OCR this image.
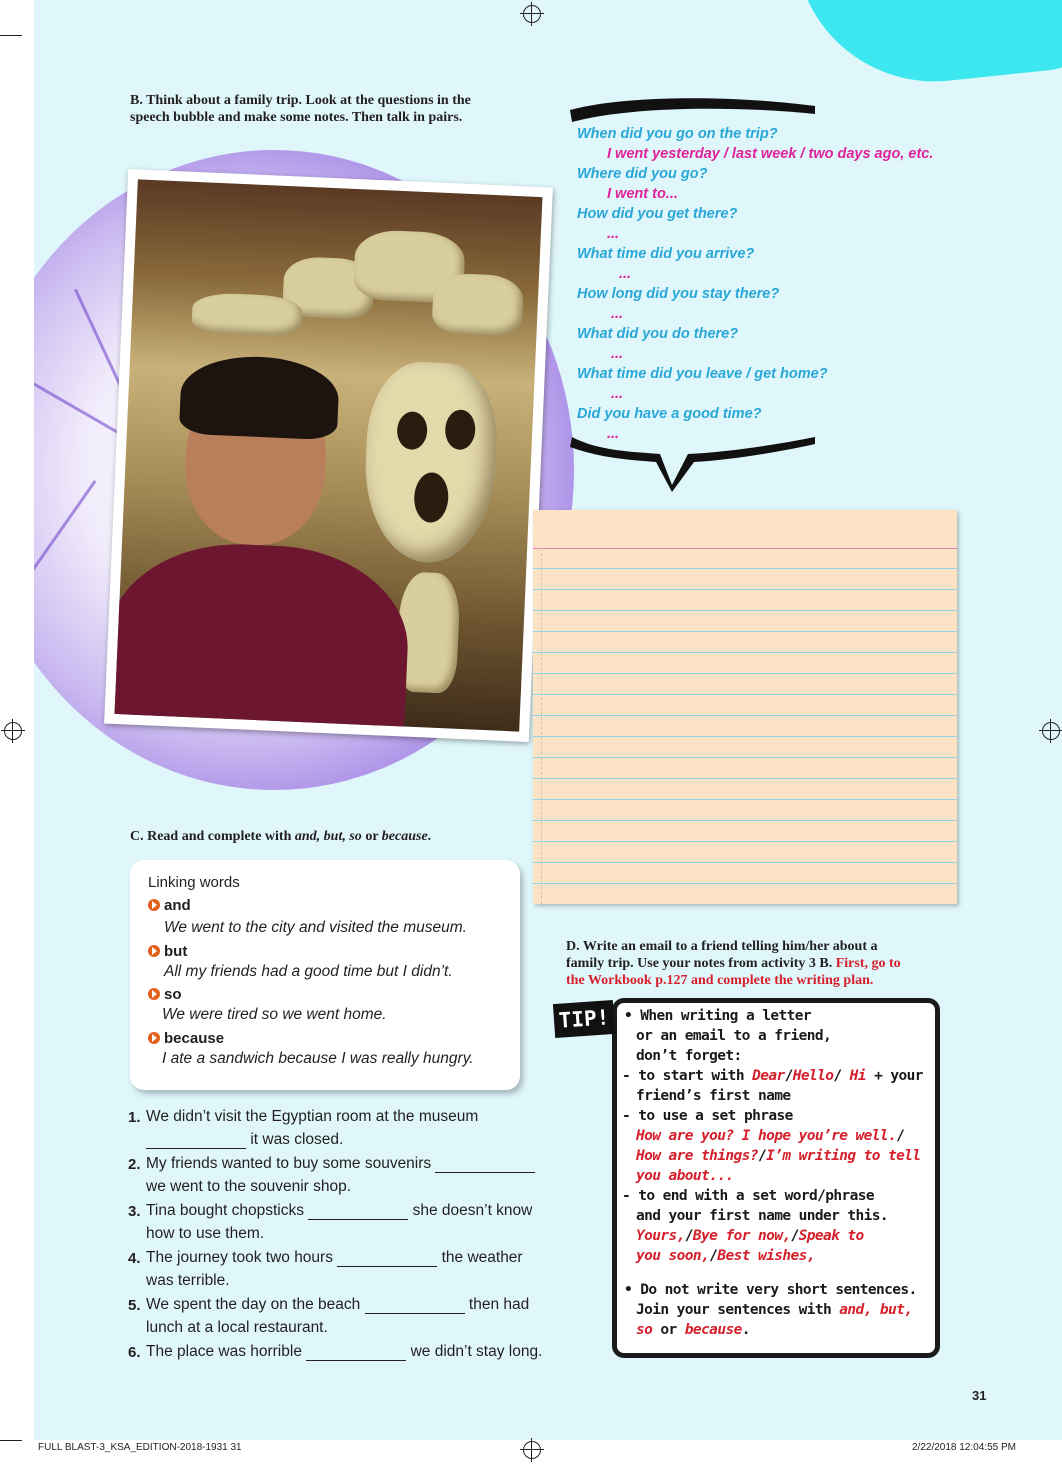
B. Think about a family trip. Look at the questions in the
speech bubble and make some notes. Then talk in pairs.
When did you go on the trip?
I went yesterday / last week / two days ago, etc.
Where did you go?
I went to...
How did you get there?
...
What time did you arrive?
...
How long did you stay there?
...
What did you do there?
...
What time did you leave / get home?
...
Did you have a good time?
...
C. Read and complete with and, but, so or because.
Linking words
and
We went to the city and visited the museum.
but
All my friends had a good time but I didn’t.
so
We were tired so we went home.
because
I ate a sandwich because I was really hungry.
1. We didn’t visit the Egyptian room at the museum
it was closed.
2. My friends wanted to buy some souvenirs
we went to the souvenir shop.
3. Tina bought chopsticks	she doesn’t know
how to use them.
4. The journey took two hours	the weather
was terrible.
5. We spent the day on the beach	then had
lunch at a local restaurant.
6. The place was horrible	we didn’t stay long.
D. Write an email to a friend telling him/her about a
family trip. Use your notes from activity 3 B. First, go to
the Workbook p.127 and complete the writing plan.
TIP! • When writing a letter
or an email to a friend,
don’t forget:
- to start with Dear/Hello/ Hi + your
friend’s first name
- to use a set phrase
How are you? I hope you’re well./
How are things?/I’m writing to tell
you about...
- to end with a set word/phrase
and your first name under this.
Yours,/Bye for now,/Speak to
you soon,/Best wishes,
• Do not write very short sentences.
Join your sentences with and, but,
so or because.
31
FULL BLAST-3_KSA_EDITION-2018-1931 31	2/22/2018 12:04:55 PM
